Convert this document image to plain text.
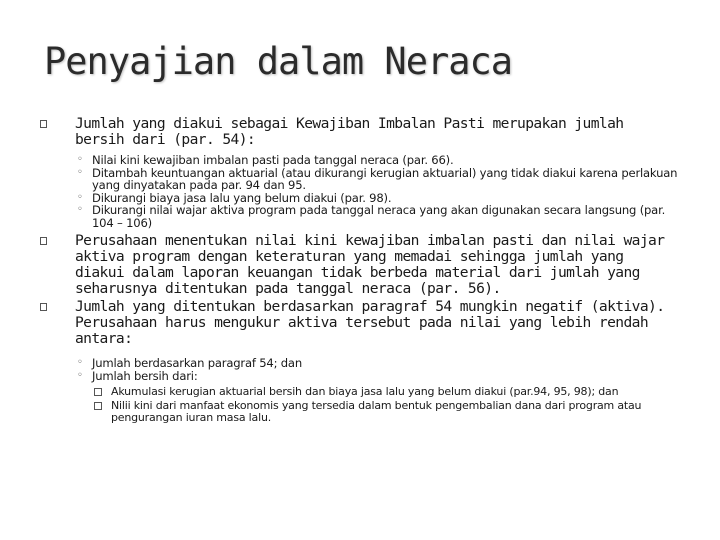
Penyajian dalam Neraca
Jumlah yang diakui sebagai Kewajiban Imbalan Pasti merupakan jumlah bersih dari (par. 54):
◦ Nilai kini kewajiban imbalan pasti pada tanggal neraca (par. 66).
◦ Ditambah keuntuangan aktuarial (atau dikurangi kerugian aktuarial) yang tidak diakui karena perlakuan yang dinyatakan pada par. 94 dan 95.
◦ Dikurangi biaya jasa lalu yang belum diakui (par. 98).
◦ Dikurangi nilai wajar aktiva program pada tanggal neraca yang akan digunakan secara langsung (par. 104 – 106)
Perusahaan menentukan nilai kini kewajiban imbalan pasti dan nilai wajar aktiva program dengan keteraturan yang memadai sehingga jumlah yang diakui dalam laporan keuangan tidak berbeda material dari jumlah yang seharusnya ditentukan pada tanggal neraca (par. 56).
Jumlah yang ditentukan berdasarkan paragraf 54 mungkin negatif (aktiva). Perusahaan harus mengukur aktiva tersebut pada nilai yang lebih rendah antara:
◦ Jumlah berdasarkan paragraf 54; dan
◦ Jumlah bersih dari:
Akumulasi kerugian aktuarial bersih dan biaya jasa lalu yang belum diakui (par.94, 95, 98); dan
Nilii kini dari manfaat ekonomis yang tersedia dalam bentuk pengembalian dana dari program atau pengurangan iuran masa lalu.
